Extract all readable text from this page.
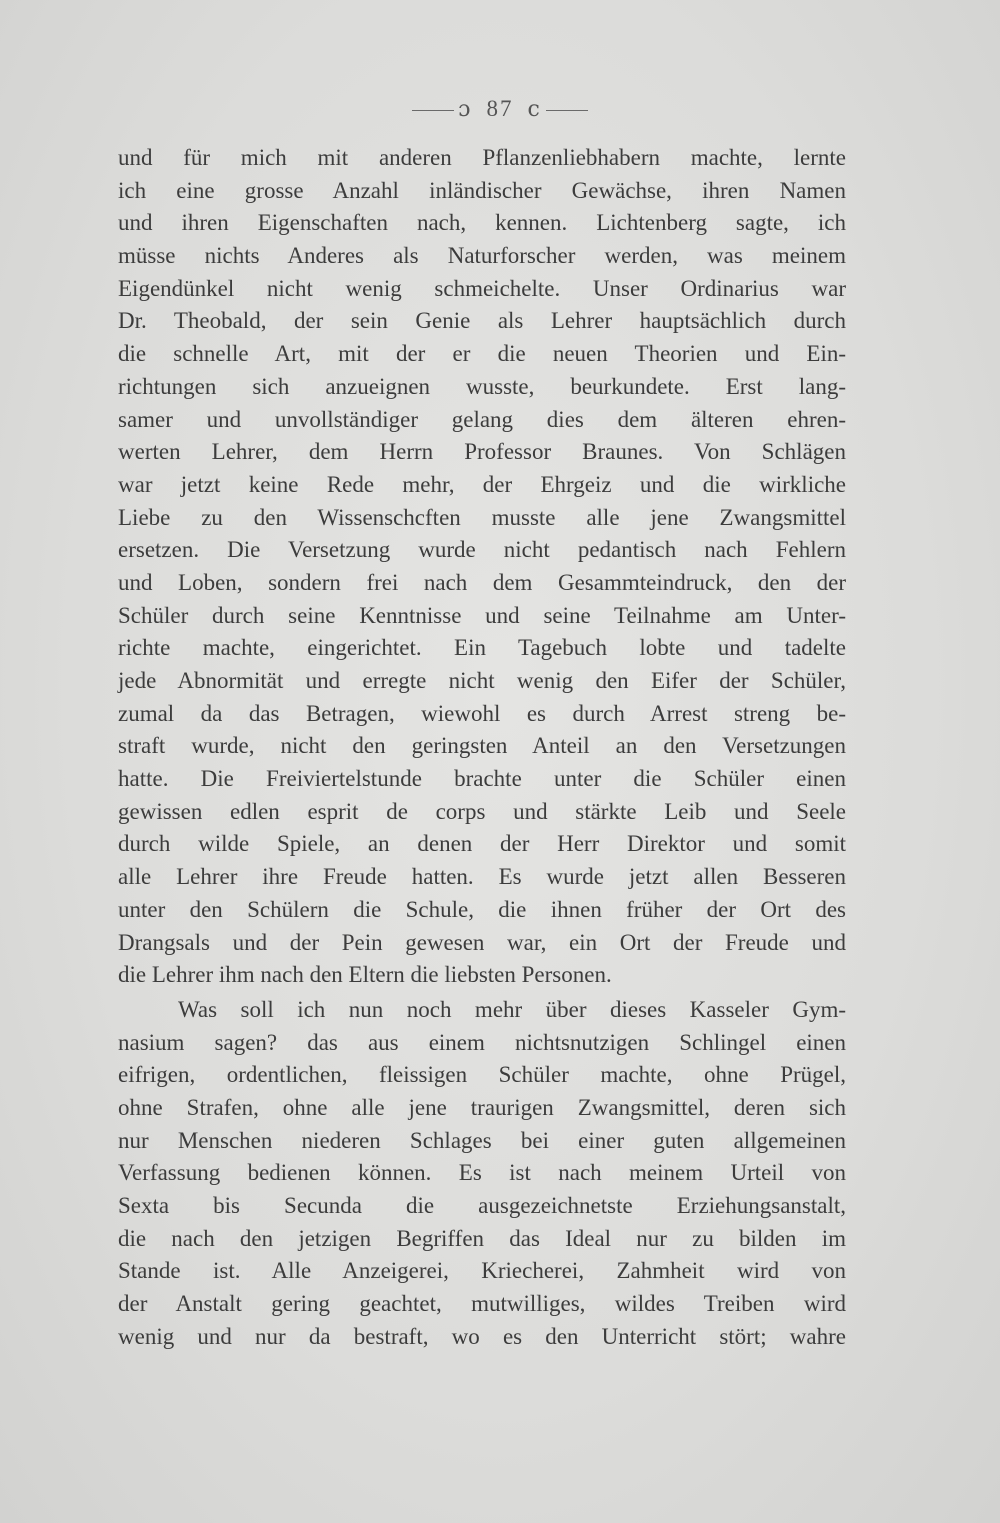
ɔ 87 c
und für mich mit anderen Pflanzenliebhabern machte, lernte
ich eine grosse Anzahl inländischer Gewächse, ihren Namen
und ihren Eigenschaften nach, kennen. Lichtenberg sagte, ich
müsse nichts Anderes als Naturforscher werden, was meinem
Eigendünkel nicht wenig schmeichelte. Unser Ordinarius war
Dr. Theobald, der sein Genie als Lehrer hauptsächlich durch
die schnelle Art, mit der er die neuen Theorien und Ein-
richtungen sich anzueignen wusste, beurkundete. Erst lang-
samer und unvollständiger gelang dies dem älteren ehren-
werten Lehrer, dem Herrn Professor Braunes. Von Schlägen
war jetzt keine Rede mehr, der Ehrgeiz und die wirkliche
Liebe zu den Wissenschcften musste alle jene Zwangsmittel
ersetzen. Die Versetzung wurde nicht pedantisch nach Fehlern
und Loben, sondern frei nach dem Gesammteindruck, den der
Schüler durch seine Kenntnisse und seine Teilnahme am Unter-
richte machte, eingerichtet. Ein Tagebuch lobte und tadelte
jede Abnormität und erregte nicht wenig den Eifer der Schüler,
zumal da das Betragen, wiewohl es durch Arrest streng be-
straft wurde, nicht den geringsten Anteil an den Versetzungen
hatte. Die Freiviertelstunde brachte unter die Schüler einen
gewissen edlen esprit de corps und stärkte Leib und Seele
durch wilde Spiele, an denen der Herr Direktor und somit
alle Lehrer ihre Freude hatten. Es wurde jetzt allen Besseren
unter den Schülern die Schule, die ihnen früher der Ort des
Drangsals und der Pein gewesen war, ein Ort der Freude und
die Lehrer ihm nach den Eltern die liebsten Personen.
Was soll ich nun noch mehr über dieses Kasseler Gym-
nasium sagen? das aus einem nichtsnutzigen Schlingel einen
eifrigen, ordentlichen, fleissigen Schüler machte, ohne Prügel,
ohne Strafen, ohne alle jene traurigen Zwangsmittel, deren sich
nur Menschen niederen Schlages bei einer guten allgemeinen
Verfassung bedienen können. Es ist nach meinem Urteil von
Sexta bis Secunda die ausgezeichnetste Erziehungsanstalt,
die nach den jetzigen Begriffen das Ideal nur zu bilden im
Stande ist. Alle Anzeigerei, Kriecherei, Zahmheit wird von
der Anstalt gering geachtet, mutwilliges, wildes Treiben wird
wenig und nur da bestraft, wo es den Unterricht stört; wahre
